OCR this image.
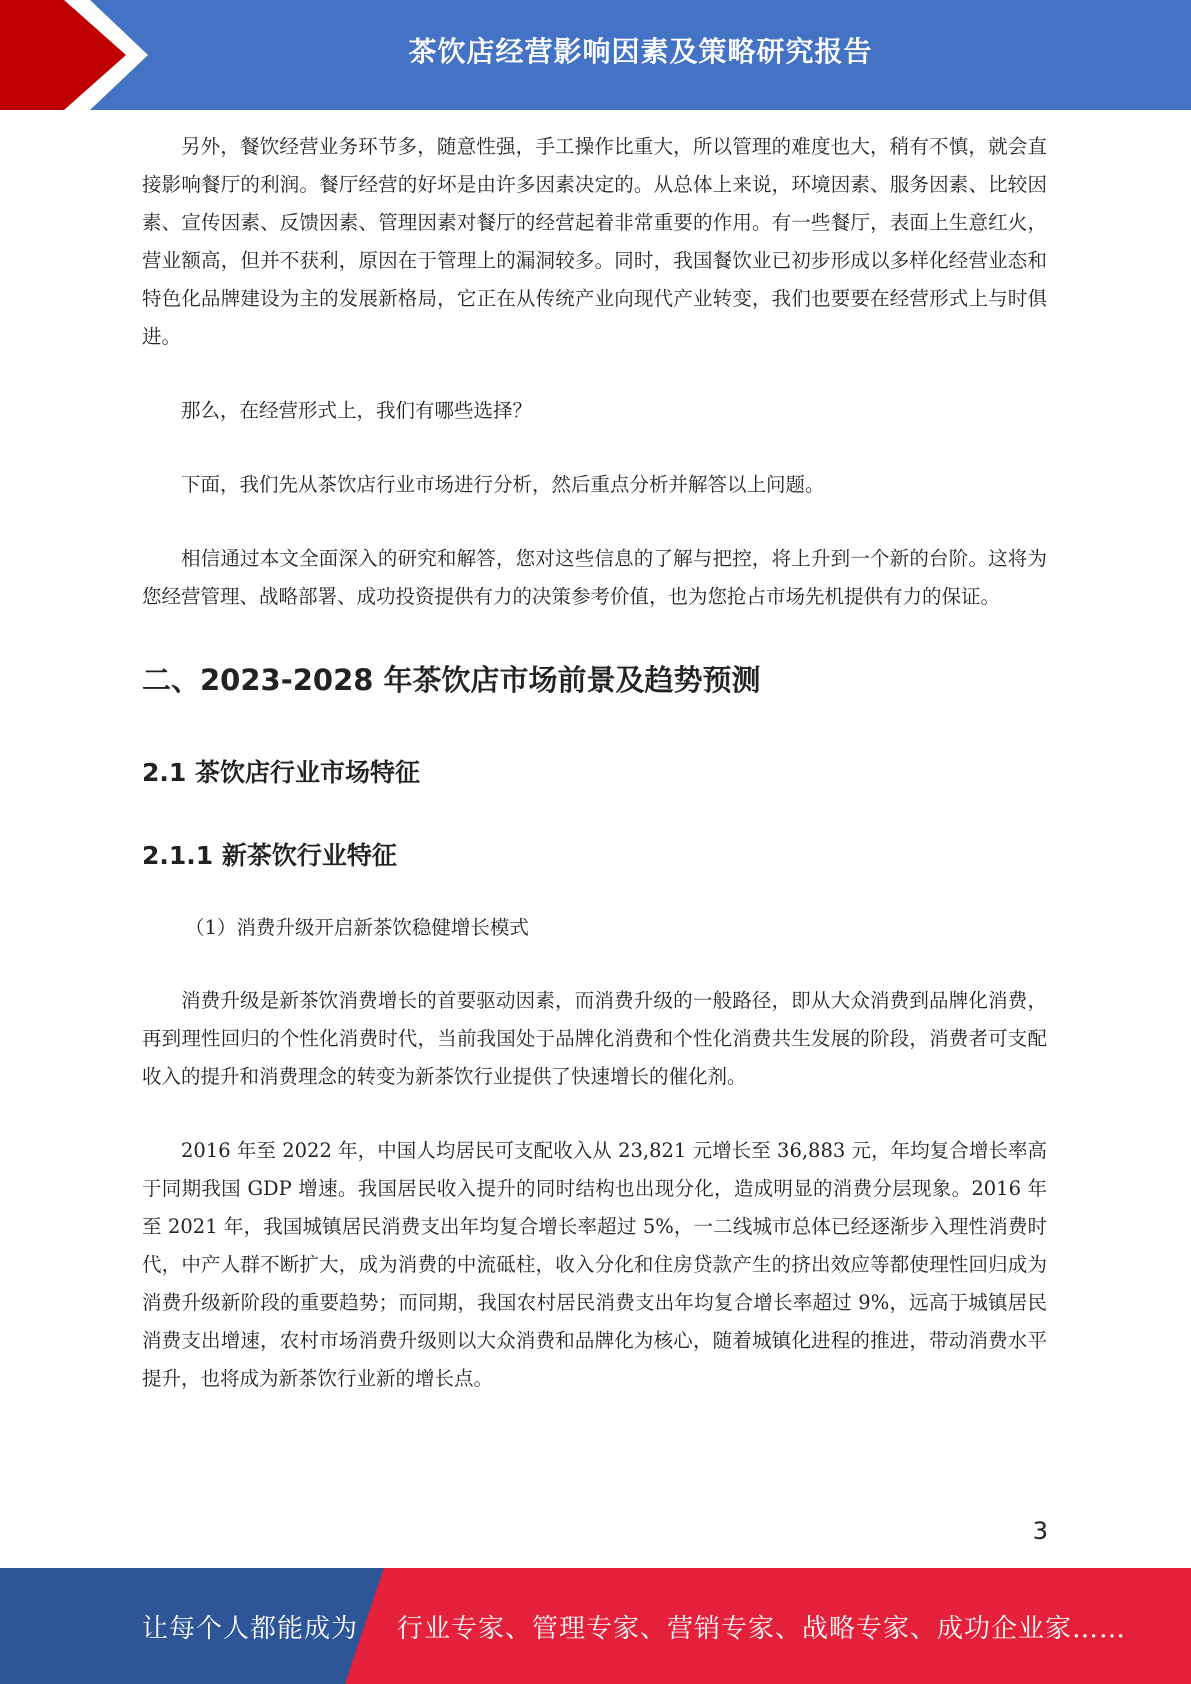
茶饮店经营影响因素及策略研究报告

另外，餐饮经营业务环节多，随意性强，手工操作比重大，所以管理的难度也大，稍有不慎，就会直接影响餐厅的利润。餐厅经营的好坏是由许多因素决定的。从总体上来说，环境因素、服务因素、比较因素、宣传因素、反馈因素、管理因素对餐厅的经营起着非常重要的作用。有一些餐厅，表面上生意红火，营业额高，但并不获利，原因在于管理上的漏洞较多。同时，我国餐饮业已初步形成以多样化经营业态和特色化品牌建设为主的发展新格局，它正在从传统产业向现代产业转变，我们也要要在经营形式上与时俱进。

那么，在经营形式上，我们有哪些选择？

下面，我们先从茶饮店行业市场进行分析，然后重点分析并解答以上问题。

相信通过本文全面深入的研究和解答，您对这些信息的了解与把控，将上升到一个新的台阶。这将为您经营管理、战略部署、成功投资提供有力的决策参考价值，也为您抢占市场先机提供有力的保证。

二、2023-2028 年茶饮店市场前景及趋势预测
2.1 茶饮店行业市场特征
2.1.1 新茶饮行业特征

（1）消费升级开启新茶饮稳健增长模式

消费升级是新茶饮消费增长的首要驱动因素，而消费升级的一般路径，即从大众消费到品牌化消费，再到理性回归的个性化消费时代，当前我国处于品牌化消费和个性化消费共生发展的阶段，消费者可支配收入的提升和消费理念的转变为新茶饮行业提供了快速增长的催化剂。

2016 年至 2022 年，中国人均居民可支配收入从 23,821 元增长至 36,883 元，年均复合增长率高于同期我国 GDP 增速。我国居民收入提升的同时结构也出现分化，造成明显的消费分层现象。2016 年至 2021 年，我国城镇居民消费支出年均复合增长率超过 5%，一二线城市总体已经逐渐步入理性消费时代，中产人群不断扩大，成为消费的中流砥柱，收入分化和住房贷款产生的挤出效应等都使理性回归成为消费升级新阶段的重要趋势；而同期，我国农村居民消费支出年均复合增长率超过 9%，远高于城镇居民消费支出增速，农村市场消费升级则以大众消费和品牌化为核心，随着城镇化进程的推进，带动消费水平提升，也将成为新茶饮行业新的增长点。

3
让每个人都能成为 行业专家、管理专家、营销专家、战略专家、成功企业家……
